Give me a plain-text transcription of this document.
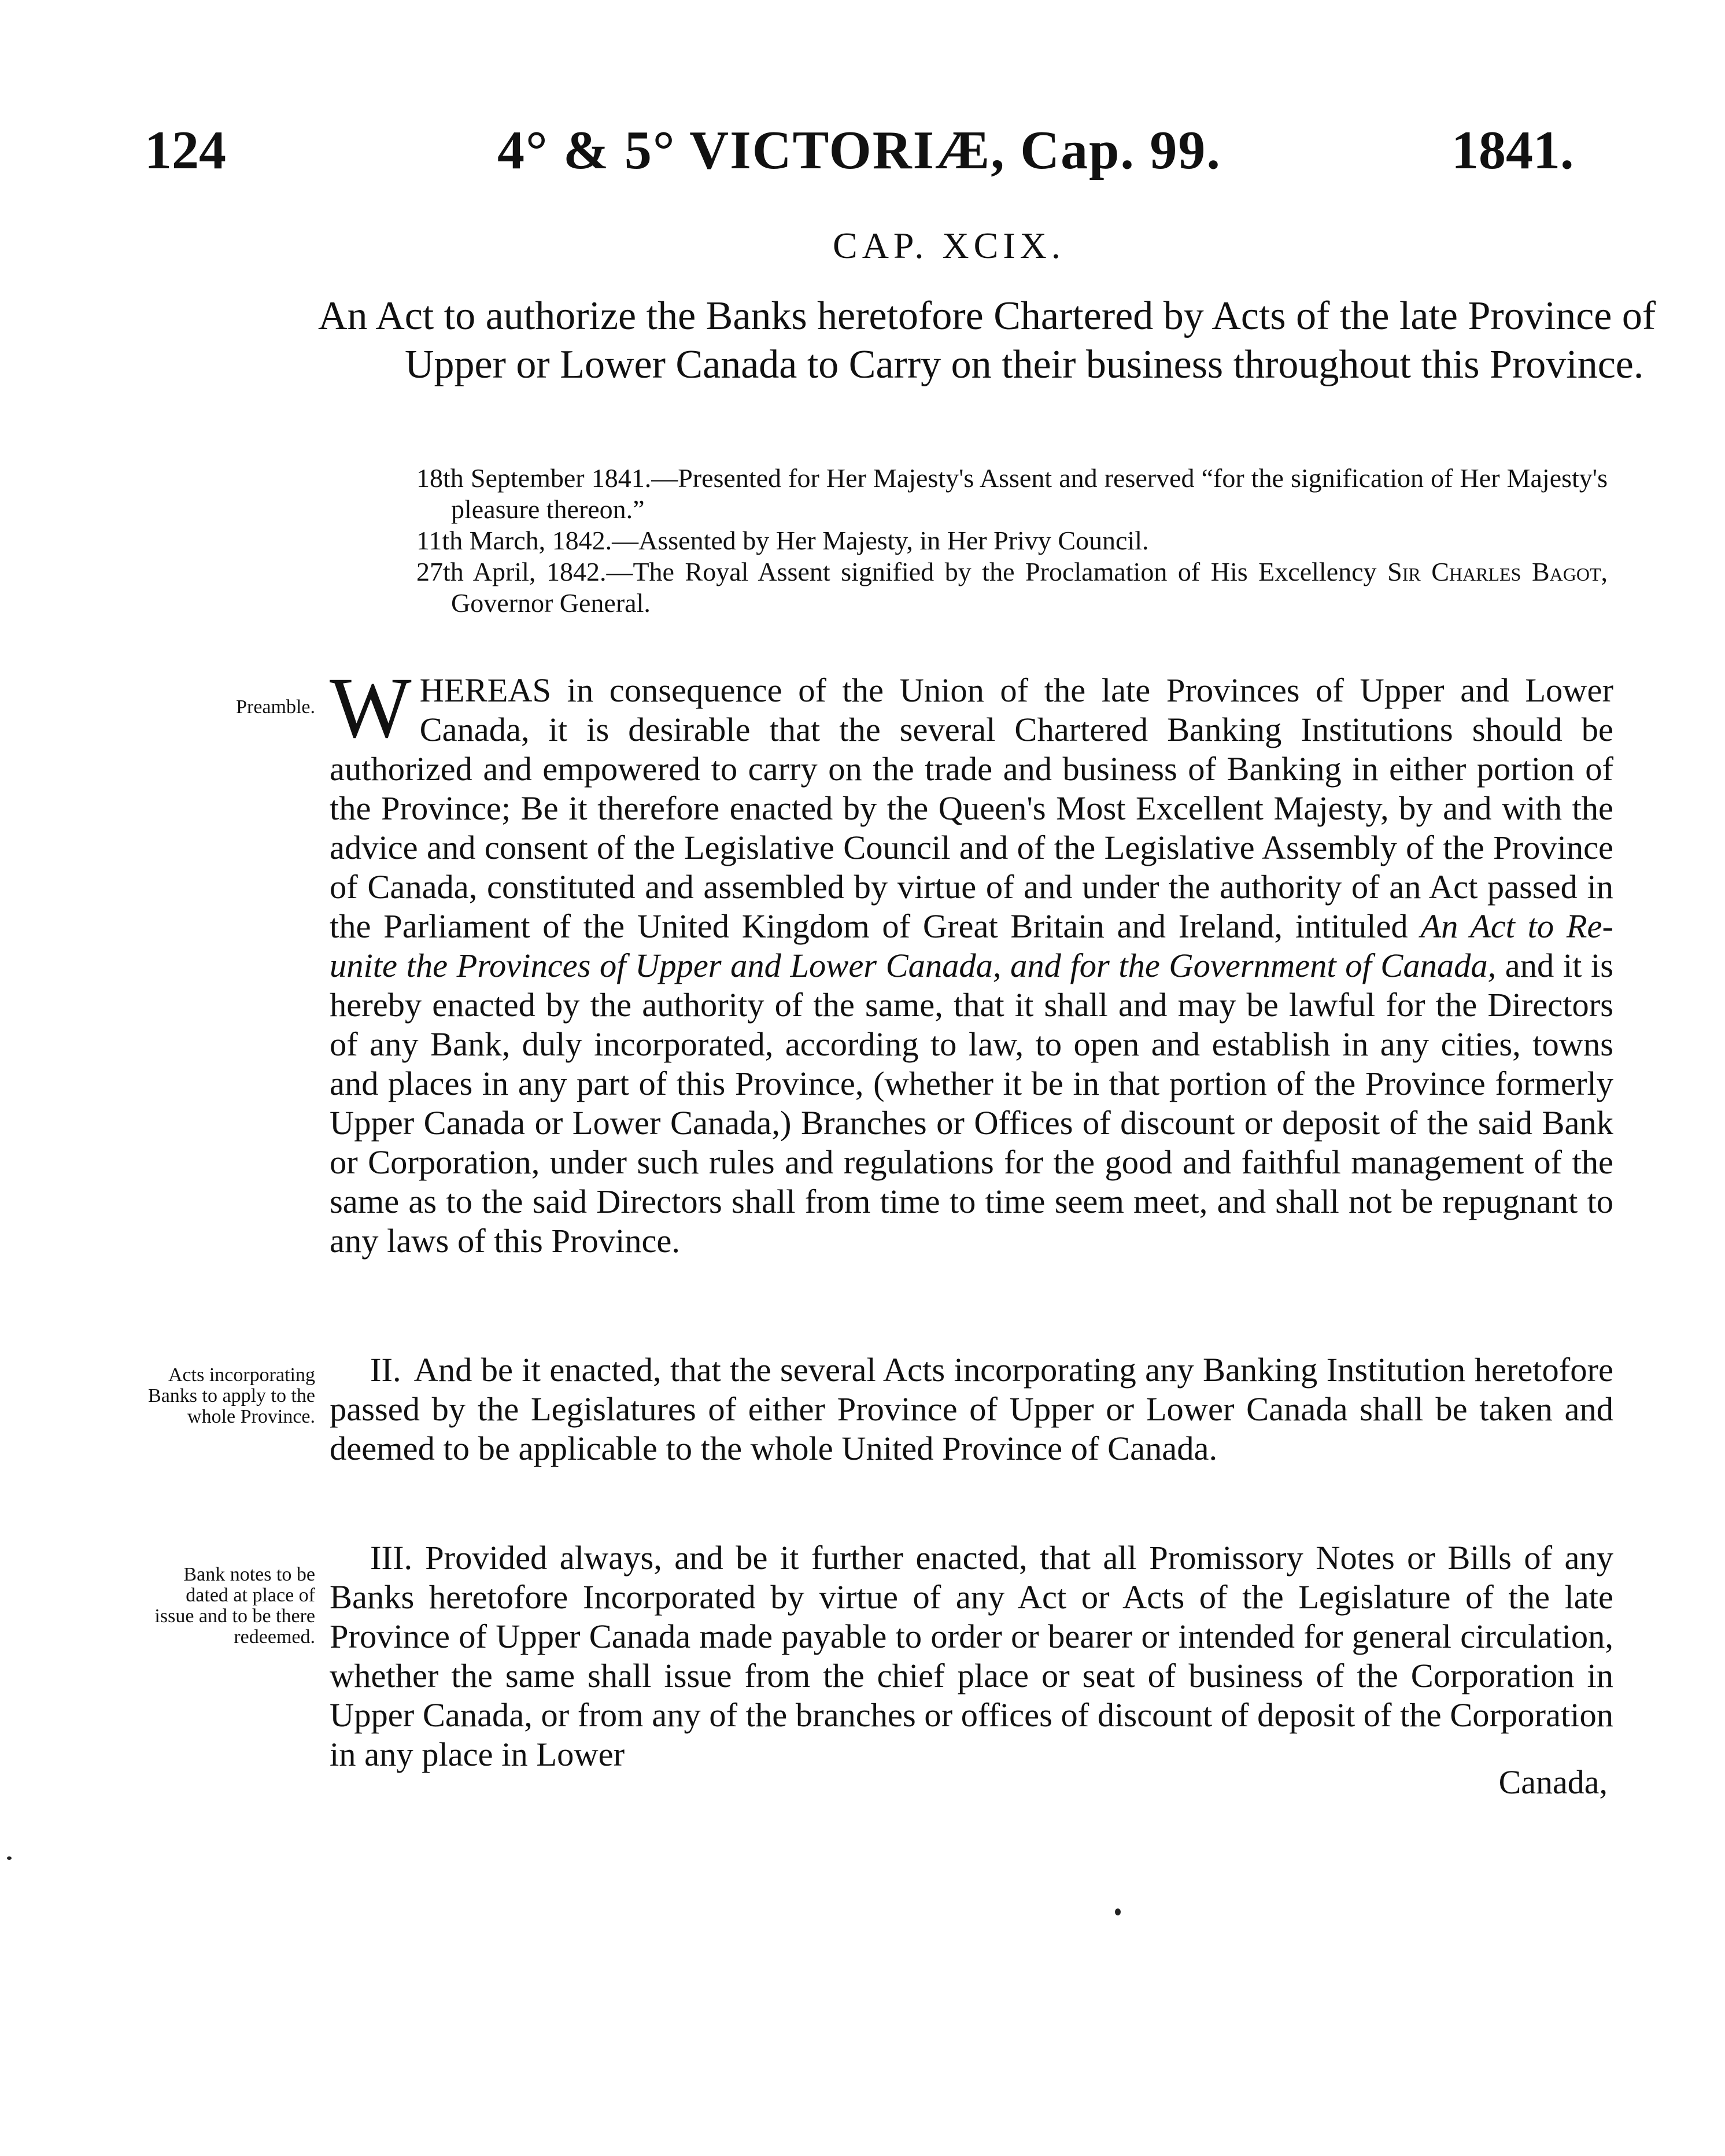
124	4° & 5° VICTORIÆ, Cap. 99.	1841.
CAP. XCIX.
An Act to authorize the Banks heretofore Chartered by Acts of the late Province of Upper or Lower Canada to Carry on their business throughout this Province.
18th September 1841.—Presented for Her Majesty's Assent and reserved “for the signification of Her Majesty's pleasure thereon.”
11th March, 1842.—Assented by Her Majesty, in Her Privy Council.
27th April, 1842.—The Royal Assent signified by the Proclamation of His Excellency Sir Charles Bagot, Governor General.
Preamble. WHEREAS in consequence of the Union of the late Provinces of Upper and Lower Canada, it is desirable that the several Chartered Banking Institutions should be authorized and empowered to carry on the trade and business of Banking in either portion of the Province; Be it therefore enacted by the Queen's Most Excellent Majesty, by and with the advice and consent of the Legislative Council and of the Legislative Assembly of the Province of Canada, constituted and assembled by virtue of and under the authority of an Act passed in the Parliament of the United Kingdom of Great Britain and Ireland, intituled An Act to Re-unite the Provinces of Upper and Lower Canada, and for the Government of Canada, and it is hereby enacted by the authority of the same, that it shall and may be lawful for the Directors of any Bank, duly incorporated, according to law, to open and establish in any cities, towns and places in any part of this Province, (whether it be in that portion of the Province formerly Upper Canada or Lower Canada,) Branches or Offices of discount or deposit of the said Bank or Corporation, under such rules and regulations for the good and faithful management of the same as to the said Directors shall from time to time seem meet, and shall not be repugnant to any laws of this Province.
Acts incorporating Banks to apply to the whole Province.
II. And be it enacted, that the several Acts incorporating any Banking Institution heretofore passed by the Legislatures of either Province of Upper or Lower Canada shall be taken and deemed to be applicable to the whole United Province of Canada.
Bank notes to be dated at place of issue and to be there redeemed.
III. Provided always, and be it further enacted, that all Promissory Notes or Bills of any Banks heretofore Incorporated by virtue of any Act or Acts of the Legislature of the late Province of Upper Canada made payable to order or bearer or intended for general circulation, whether the same shall issue from the chief place or seat of business of the Corporation in Upper Canada, or from any of the branches or offices of discount of deposit of the Corporation in any place in Lower
Canada,
